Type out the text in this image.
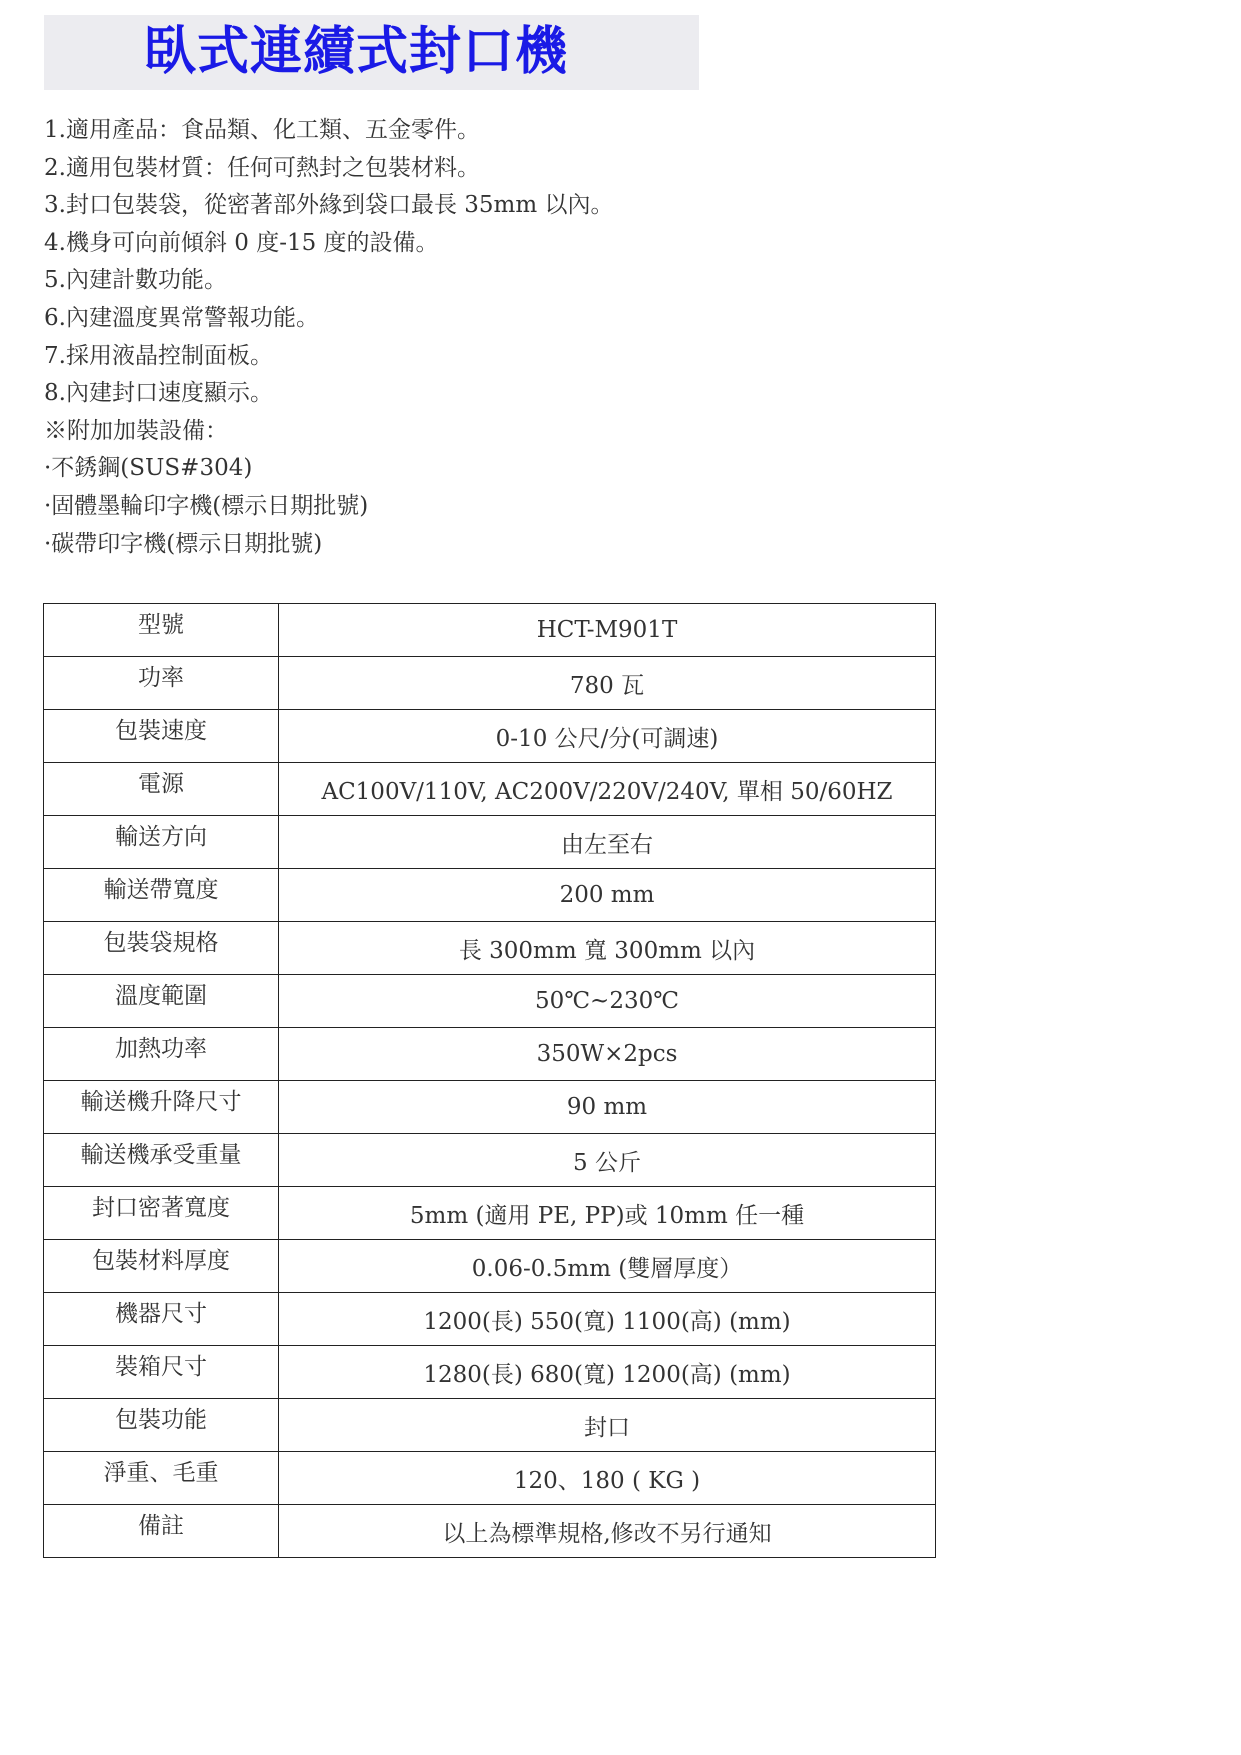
臥式連續式封口機
1.適用產品：食品類、化工類、五金零件。
2.適用包裝材質：任何可熱封之包裝材料。
3.封口包裝袋，從密著部外緣到袋口最長 35mm 以內。
4.機身可向前傾斜 0 度-15 度的設備。
5.內建計數功能。
6.內建溫度異常警報功能。
7.採用液晶控制面板。
8.內建封口速度顯示。
※附加加裝設備：
·不銹鋼(SUS#304)
·固體墨輪印字機(標示日期批號)
·碳帶印字機(標示日期批號)
型號	HCT-M901T
功率	780 瓦
包裝速度	0-10 公尺/分(可調速)
電源	AC100V/110V, AC200V/220V/240V, 單相 50/60HZ
輸送方向	由左至右
輸送帶寬度	200 mm
包裝袋規格	長 300mm 寬 300mm 以內
溫度範圍	50℃~230℃
加熱功率	350W×2pcs
輸送機升降尺寸	90 mm
輸送機承受重量	5 公斤
封口密著寬度	5mm (適用 PE, PP)或 10mm 任一種
包裝材料厚度	0.06-0.5mm (雙層厚度）
機器尺寸	1200(長) 550(寬) 1100(高) (mm)
裝箱尺寸	1280(長) 680(寬) 1200(高) (mm)
包裝功能	封口
淨重、毛重	120、180 ( KG )
備註	以上為標準規格,修改不另行通知
